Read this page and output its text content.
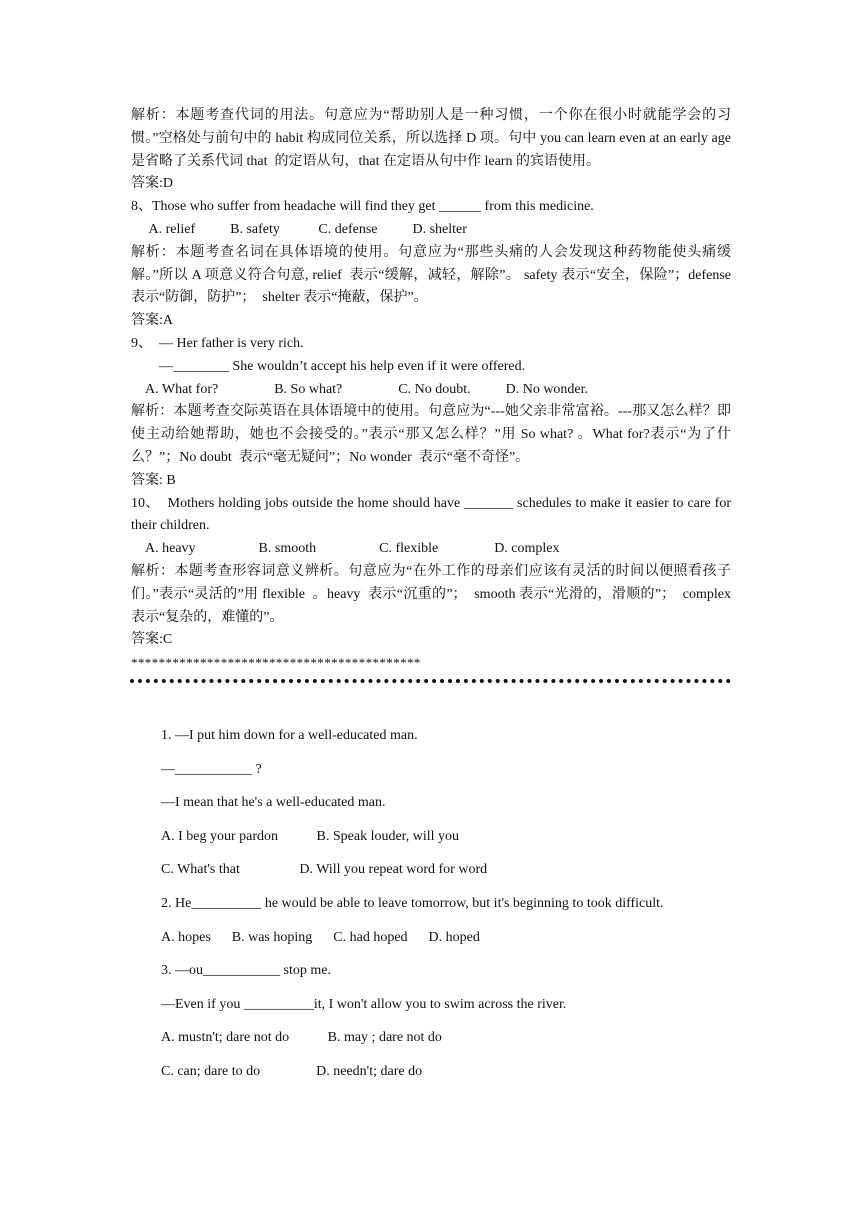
解析：本题考查代词的用法。句意应为“帮助别人是一种习惯，一个你在很小时就能学会的习惯。”空格处与前句中的 habit 构成同位关系，所以选择 D 项。句中 you can learn even at an early age 是省略了关系代词 that  的定语从句，that 在定语从句中作 learn 的宾语使用。

答案:D

8、Those who suffer from headache will find they get ______ from this medicine.

A. relief          B. safety           C. defense          D. shelter

解析：本题考查名词在具体语境的使用。句意应为“那些头痛的人会发现这种药物能使头痛缓解。”所以 A 项意义符合句意, relief  表示“缓解，减轻，解除”。 safety 表示“安全，保险”；defense  表示“防御，防护”；  shelter 表示“掩蔽，保护”。

答案:A

9、  — Her father is very rich.

—________ She wouldn’t accept his help even if it were offered.

A. What for?                B. So what?                C. No doubt.          D. No wonder.

解析：本题考查交际英语在具体语境中的使用。句意应为“---她父亲非常富裕。---那又怎么样？即使主动给她帮助，她也不会接受的。”表示“那又怎么样？”用 So what? 。What for?表示“为了什么？”；No doubt  表示“毫无疑问”；No wonder  表示“毫不奇怪”。

答案: B

10、  Mothers holding jobs outside the home should have _______ schedules to make it easier to care for their children.

A. heavy                  B. smooth                  C. flexible                D. complex

解析：本题考查形容词意义辨析。句意应为“在外工作的母亲们应该有灵活的时间以便照看孩子们。”表示“灵活的”用 flexible  。heavy  表示“沉重的”；  smooth 表示“光滑的，滑顺的”；  complex 表示“复杂的，难懂的”。

答案:C

******************************************

1. —I put him down for a well-educated man.

—___________ ?

—I mean that he's a well-educated man.

A. I beg your pardon           B. Speak louder, will you

C. What's that                 D. Will you repeat word for word

2. He__________ he would be able to leave tomorrow, but it's beginning to took difficult.

A. hopes      B. was hoping      C. had hoped      D. hoped

3. —ou___________ stop me.

—Even if you __________it, I won't allow you to swim across the river.

A. mustn't; dare not do           B. may ; dare not do

C. can; dare to do                D. needn't; dare do
